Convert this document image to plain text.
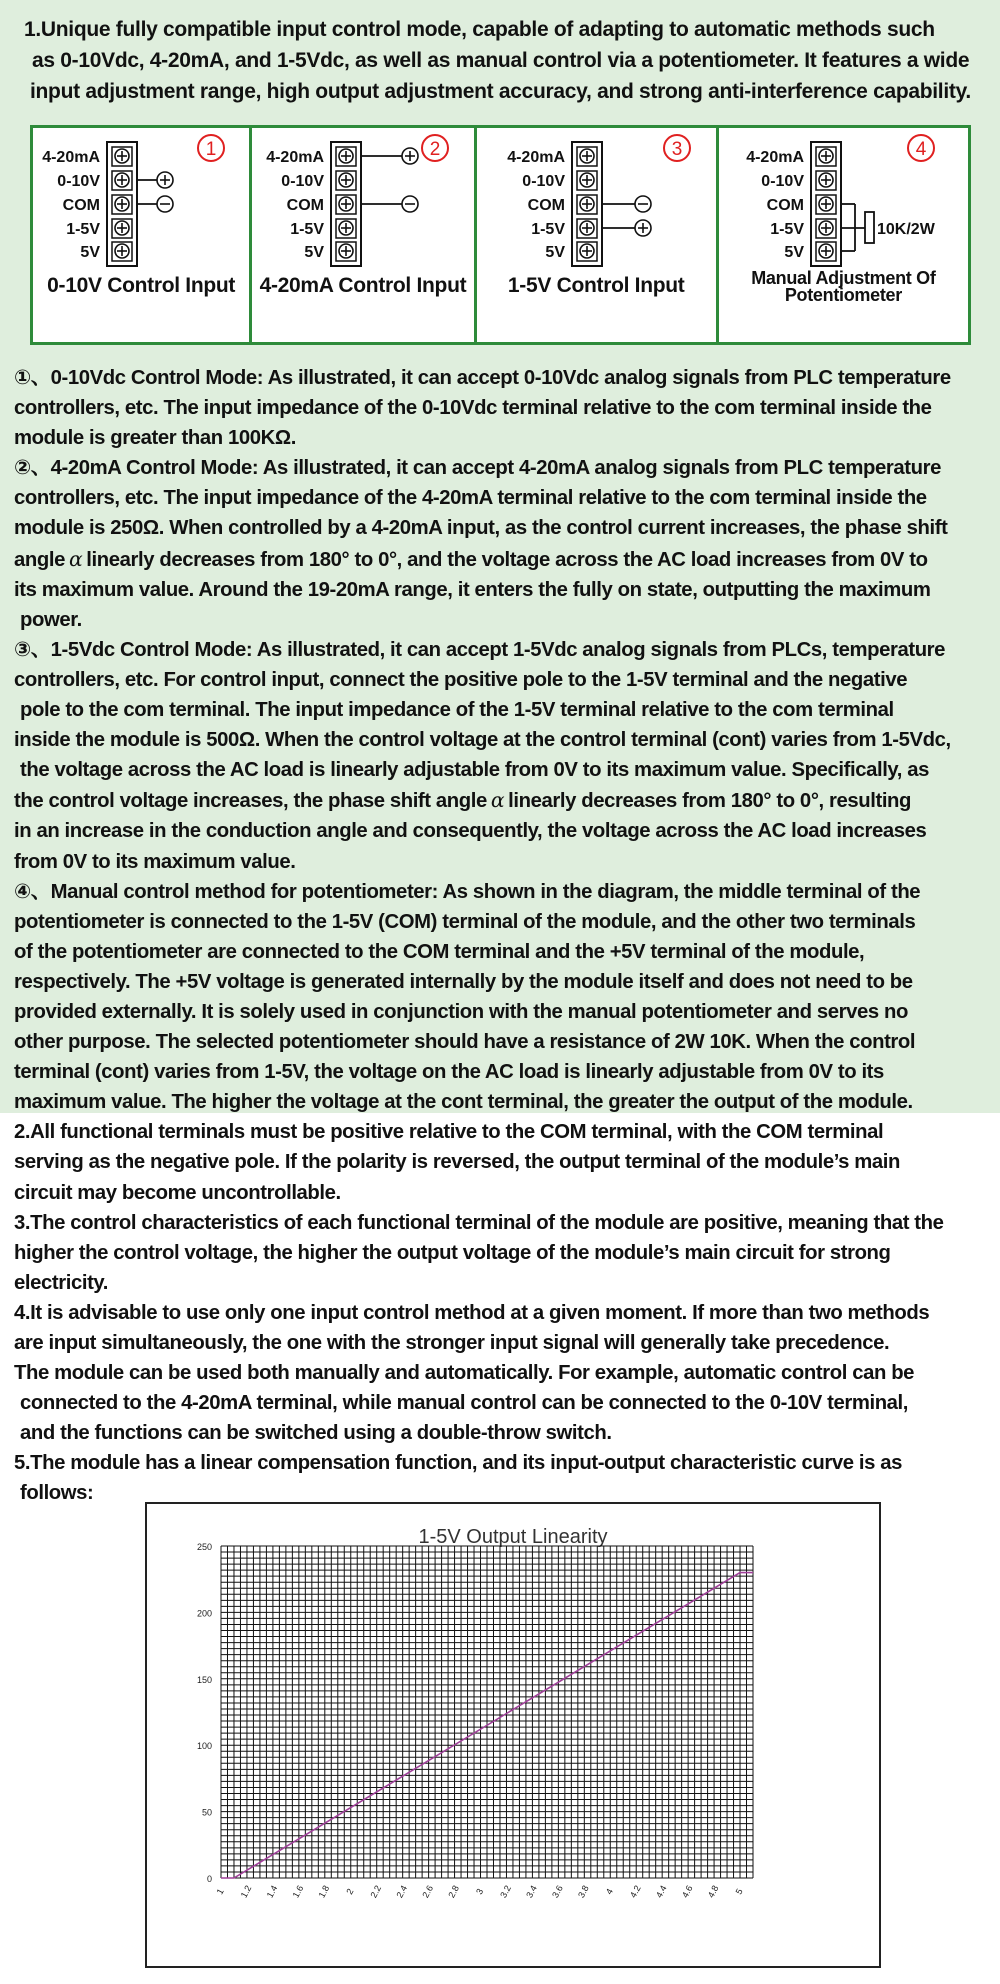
1.Unique fully compatible input control mode, capable of adapting to automatic methods such
as 0-10Vdc, 4-20mA, and 1-5Vdc, as well as manual control via a potentiometer. It features a wide
input adjustment range, high output adjustment accuracy, and strong anti-interference capability.
4-20mA
0-10V
COM
1-5V
5V
1
0-10V Control Input
4-20mA
0-10V
COM
1-5V
5V
2
4-20mA Control Input
4-20mA
0-10V
COM
1-5V
5V
3
1-5V Control Input
4-20mA
0-10V
COM
1-5V
5V
4
10K/2W
Manual Adjustment Of
Potentiometer
①、0-10Vdc Control Mode: As illustrated, it can accept 0-10Vdc analog signals from PLC temperature
controllers, etc. The input impedance of the 0-10Vdc terminal relative to the com terminal inside the
module is greater than 100KΩ.
②、4-20mA Control Mode: As illustrated, it can accept 4-20mA analog signals from PLC temperature
controllers, etc. The input impedance of the 4-20mA terminal relative to the com terminal inside the
module is 250Ω. When controlled by a 4-20mA input, as the control current increases, the phase shift
angle α linearly decreases from 180° to 0°, and the voltage across the AC load increases from 0V to
its maximum value. Around the 19-20mA range, it enters the fully on state, outputting the maximum
power.
③、1-5Vdc Control Mode: As illustrated, it can accept 1-5Vdc analog signals from PLCs, temperature
controllers, etc. For control input, connect the positive pole to the 1-5V terminal and the negative
pole to the com terminal. The input impedance of the 1-5V terminal relative to the com terminal
inside the module is 500Ω. When the control voltage at the control terminal (cont) varies from 1-5Vdc,
the voltage across the AC load is linearly adjustable from 0V to its maximum value. Specifically, as
the control voltage increases, the phase shift angle α linearly decreases from 180° to 0°, resulting
in an increase in the conduction angle and consequently, the voltage across the AC load increases
from 0V to its maximum value.
④、Manual control method for potentiometer: As shown in the diagram, the middle terminal of the
potentiometer is connected to the 1-5V (COM) terminal of the module, and the other two terminals
of the potentiometer are connected to the COM terminal and the +5V terminal of the module,
respectively. The +5V voltage is generated internally by the module itself and does not need to be
provided externally. It is solely used in conjunction with the manual potentiometer and serves no
other purpose. The selected potentiometer should have a resistance of 2W 10K. When the control
terminal (cont) varies from 1-5V, the voltage on the AC load is linearly adjustable from 0V to its
maximum value. The higher the voltage at the cont terminal, the greater the output of the module.
2.All functional terminals must be positive relative to the COM terminal, with the COM terminal
serving as the negative pole. If the polarity is reversed, the output terminal of the module’s main
circuit may become uncontrollable.
3.The control characteristics of each functional terminal of the module are positive, meaning that the
higher the control voltage, the higher the output voltage of the module’s main circuit for strong
electricity.
4.It is advisable to use only one input control method at a given moment. If more than two methods
are input simultaneously, the one with the stronger input signal will generally take precedence.
The module can be used both manually and automatically. For example, automatic control can be
connected to the 4-20mA terminal, while manual control can be connected to the 0-10V terminal,
and the functions can be switched using a double-throw switch.
5.The module has a linear compensation function, and its input-output characteristic curve is as
follows:
1-5V Output Linearity
0
50
100
150
200
250
1 1.2 1.4 1.6 1.8 2 2.2 2.4 2.6 2.8 3 3.2 3.4 3.6 3.8 4 4.2 4.4 4.6 4.8 5
